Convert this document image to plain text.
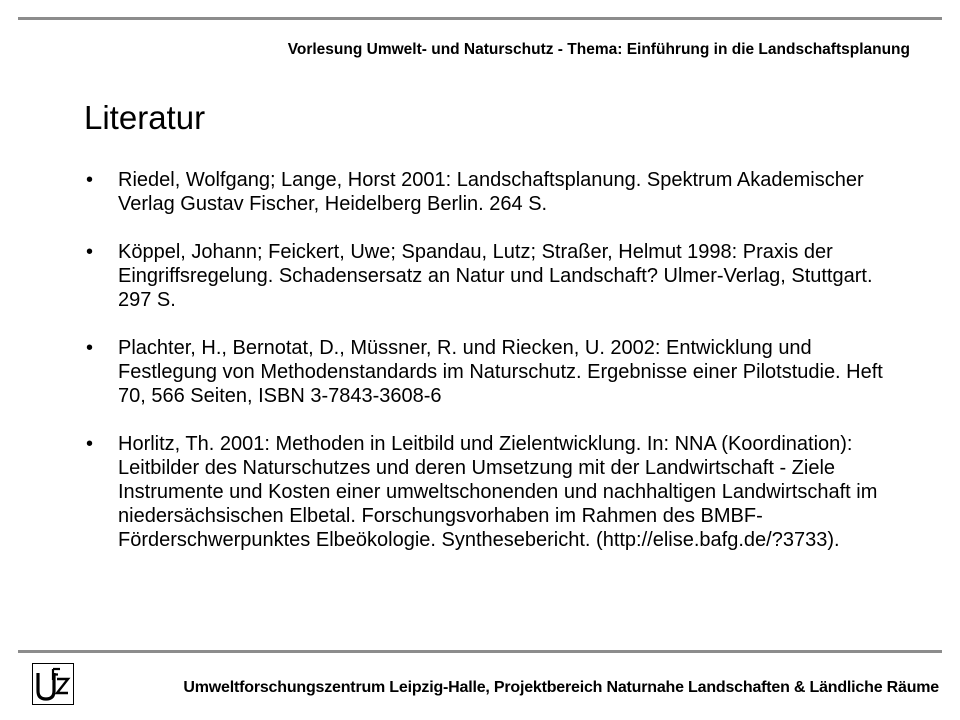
Vorlesung Umwelt- und Naturschutz - Thema: Einführung in die Landschaftsplanung
Literatur
• Riedel, Wolfgang; Lange, Horst 2001: Landschaftsplanung. Spektrum Akademischer Verlag Gustav Fischer, Heidelberg Berlin. 264 S.
• Köppel, Johann; Feickert, Uwe; Spandau, Lutz; Straßer, Helmut 1998: Praxis der Eingriffsregelung. Schadensersatz an Natur und Landschaft? Ulmer-Verlag, Stuttgart. 297 S.
• Plachter, H., Bernotat, D., Müssner, R. und Riecken, U. 2002: Entwicklung und Festlegung von Methodenstandards im Naturschutz. Ergebnisse einer Pilotstudie. Heft 70, 566 Seiten, ISBN 3-7843-3608-6
• Horlitz, Th. 2001: Methoden in Leitbild und Zielentwicklung. In: NNA (Koordination): Leitbilder des Naturschutzes und deren Umsetzung mit der Landwirtschaft - Ziele Instrumente und Kosten einer umweltschonenden und nachhaltigen Landwirtschaft im niedersächsischen Elbetal. Forschungsvorhaben im Rahmen des BMBF-Förderschwerpunktes Elbeökologie. Synthesebericht. (http://elise.bafg.de/?3733).
Umweltforschungszentrum Leipzig-Halle, Projektbereich Naturnahe Landschaften & Ländliche Räume
